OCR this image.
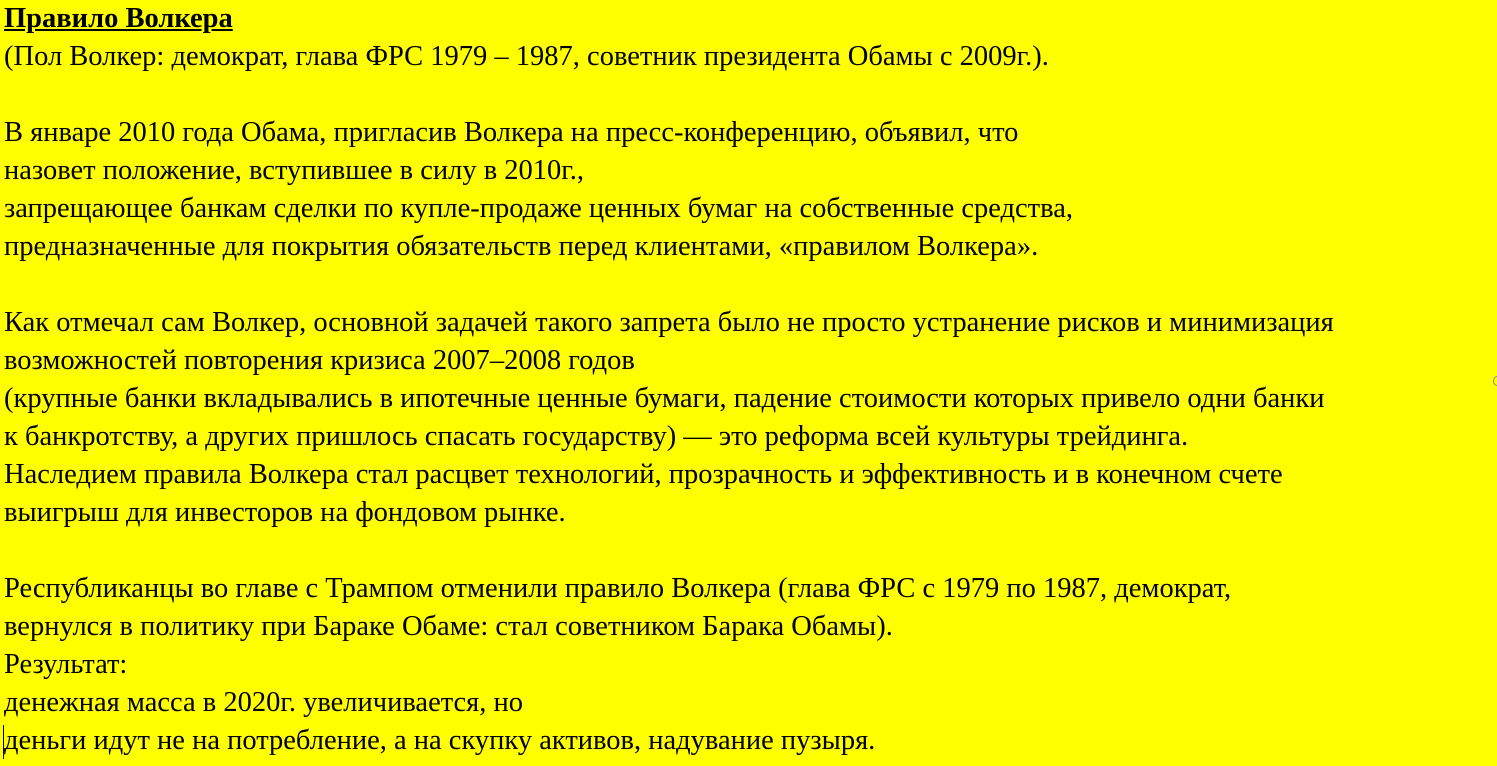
Правило Волкера
(Пол Волкер: демократ, глава ФРС 1979 – 1987, советник президента Обамы с 2009г.).
В январе 2010 года Обама, пригласив Волкера на пресс-конференцию, объявил, что
назовет положение, вступившее в силу в 2010г.,
запрещающее банкам сделки по купле-продаже ценных бумаг на собственные средства,
предназначенные для покрытия обязательств перед клиентами, «правилом Волкера».
Как отмечал сам Волкер, основной задачей такого запрета было не просто устранение рисков и минимизация
возможностей повторения кризиса 2007–2008 годов
(крупные банки вкладывались в ипотечные ценные бумаги, падение стоимости которых привело одни банки
к банкротству, а других пришлось спасать государству) — это реформа всей культуры трейдинга.
Наследием правила Волкера стал расцвет технологий, прозрачность и эффективность и в конечном счете
выигрыш для инвесторов на фондовом рынке.
Республиканцы во главе с Трампом отменили правило Волкера (глава ФРС с 1979 по 1987, демократ,
вернулся в политику при Бараке Обаме: стал советником Барака Обамы).
Результат:
денежная масса в 2020г. увеличивается, но
деньги идут не на потребление, а на скупку активов, надувание пузыря.
